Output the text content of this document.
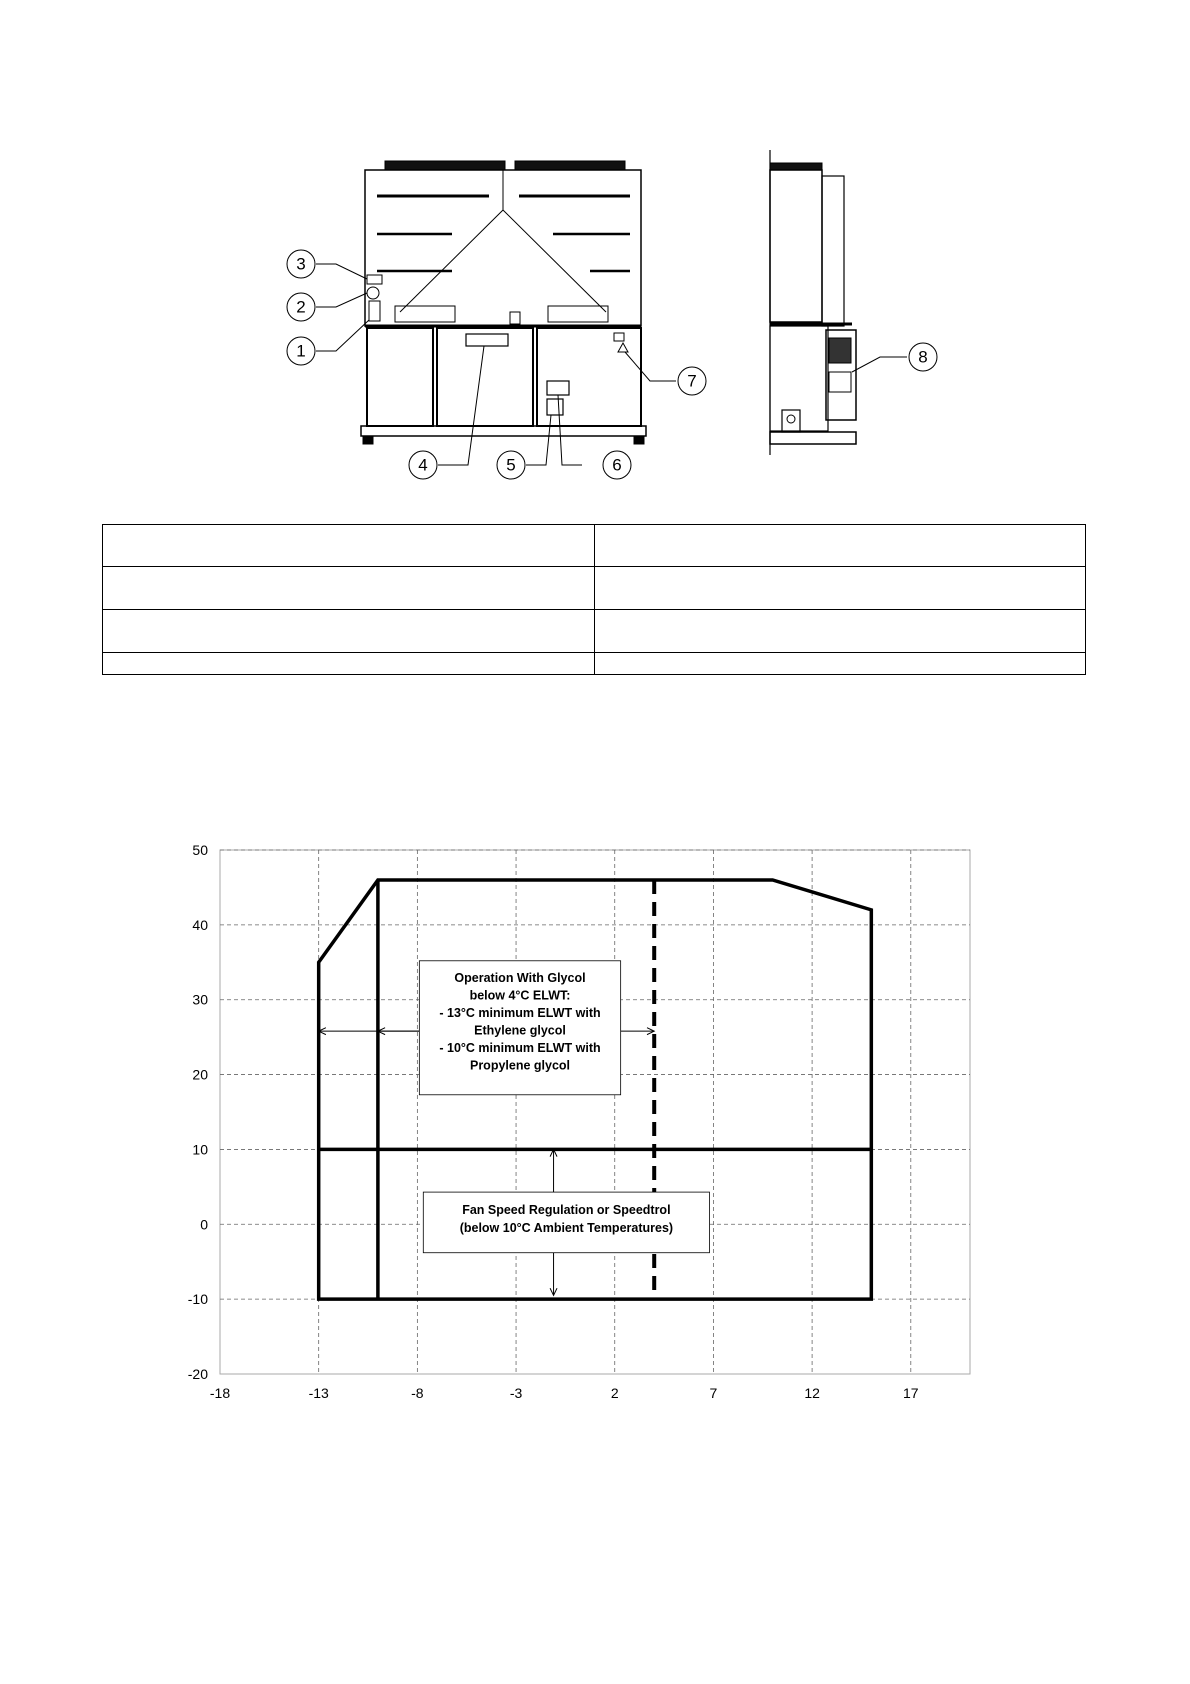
3
2
1
4	5	6
7
8

-18	-13	-8	-3	2	7	12	17
-20
-10
0
10
20
30
40
50
Operation With Glycol
below 4°C ELWT:
- 13°C minimum ELWT with
Ethylene glycol
- 10°C minimum ELWT with
Propylene glycol
Fan Speed Regulation or Speedtrol
(below 10°C Ambient Temperatures)
